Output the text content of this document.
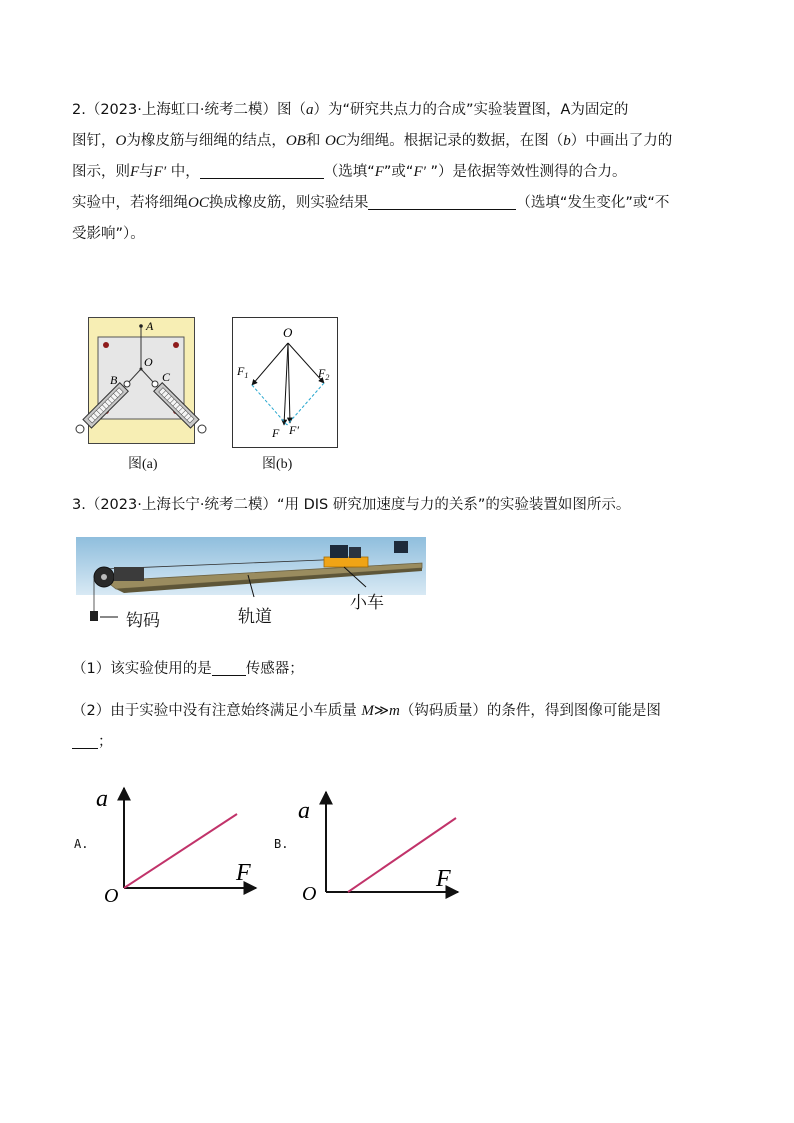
2.（2023·上海虹口·统考二模）图（a）为“研究共点力的合成”实验装置图，A为固定的
图钉，O为橡皮筋与细绳的结点，OB和 OC为细绳。根据记录的数据，在图（b）中画出了力的
图示，则F与F′ 中，	（选填“F”或“F′ ”）是依据等效性测得的合力。
实验中，若将细绳OC换成橡皮筋，则实验结果	（选填“发生变化”或“不
受影响”）。
A
O
B	C
图(a)
O
$F_1$	$F_2$
F F′
图(b)
3.（2023·上海长宁·统考二模）“用 DIS 研究加速度与力的关系”的实验装置如图所示。
钩码	轨道
小车
（1）该实验使用的是 传感器；
（2）由于实验中没有注意始终满足小车质量 M≫m（钩码质量）的条件，得到图像可能是图
；
A.
a
F
O
B.
a
F
O
